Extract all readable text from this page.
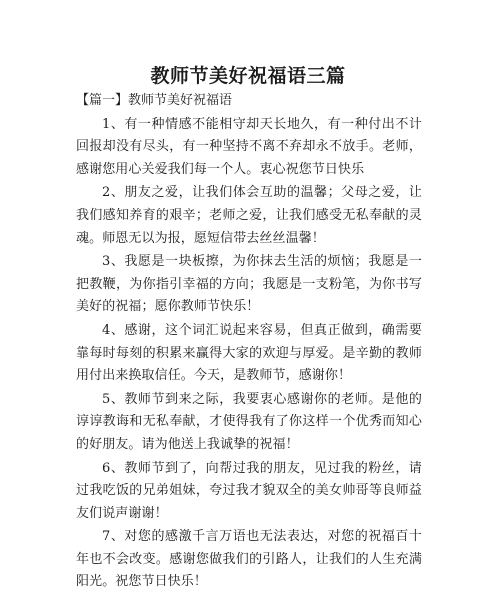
教师节美好祝福语三篇

【篇一】教师节美好祝福语

1、有一种情感不能相守却天长地久，有一种付出不计回报却没有尽头，有一种坚持不离不弃却永不放手。老师，感谢您用心关爱我们每一个人。衷心祝您节日快乐

2、朋友之爱，让我们体会互助的温馨；父母之爱，让我们感知养育的艰辛；老师之爱，让我们感受无私奉献的灵魂。师恩无以为报，愿短信带去丝丝温馨！

3、我愿是一块板擦，为你抹去生活的烦恼；我愿是一把教鞭，为你指引幸福的方向；我愿是一支粉笔，为你书写美好的祝福；愿你教师节快乐！

4、感谢，这个词汇说起来容易，但真正做到，确需要靠每时每刻的积累来赢得大家的欢迎与厚爱。是辛勤的教师用付出来换取信任。今天，是教师节，感谢你！

5、教师节到来之际，我要衷心感谢你的老师。是他的谆谆教诲和无私奉献，才使得我有了你这样一个优秀而知心的好朋友。请为他送上我诚挚的祝福！

6、教师节到了，向帮过我的朋友，见过我的粉丝，请过我吃饭的兄弟姐妹，夸过我才貌双全的美女帅哥等良师益友们说声谢谢！

7、对您的感激千言万语也无法表达，对您的祝福百十年也不会改变。感谢您做我们的引路人，让我们的人生充满阳光。祝您节日快乐！
